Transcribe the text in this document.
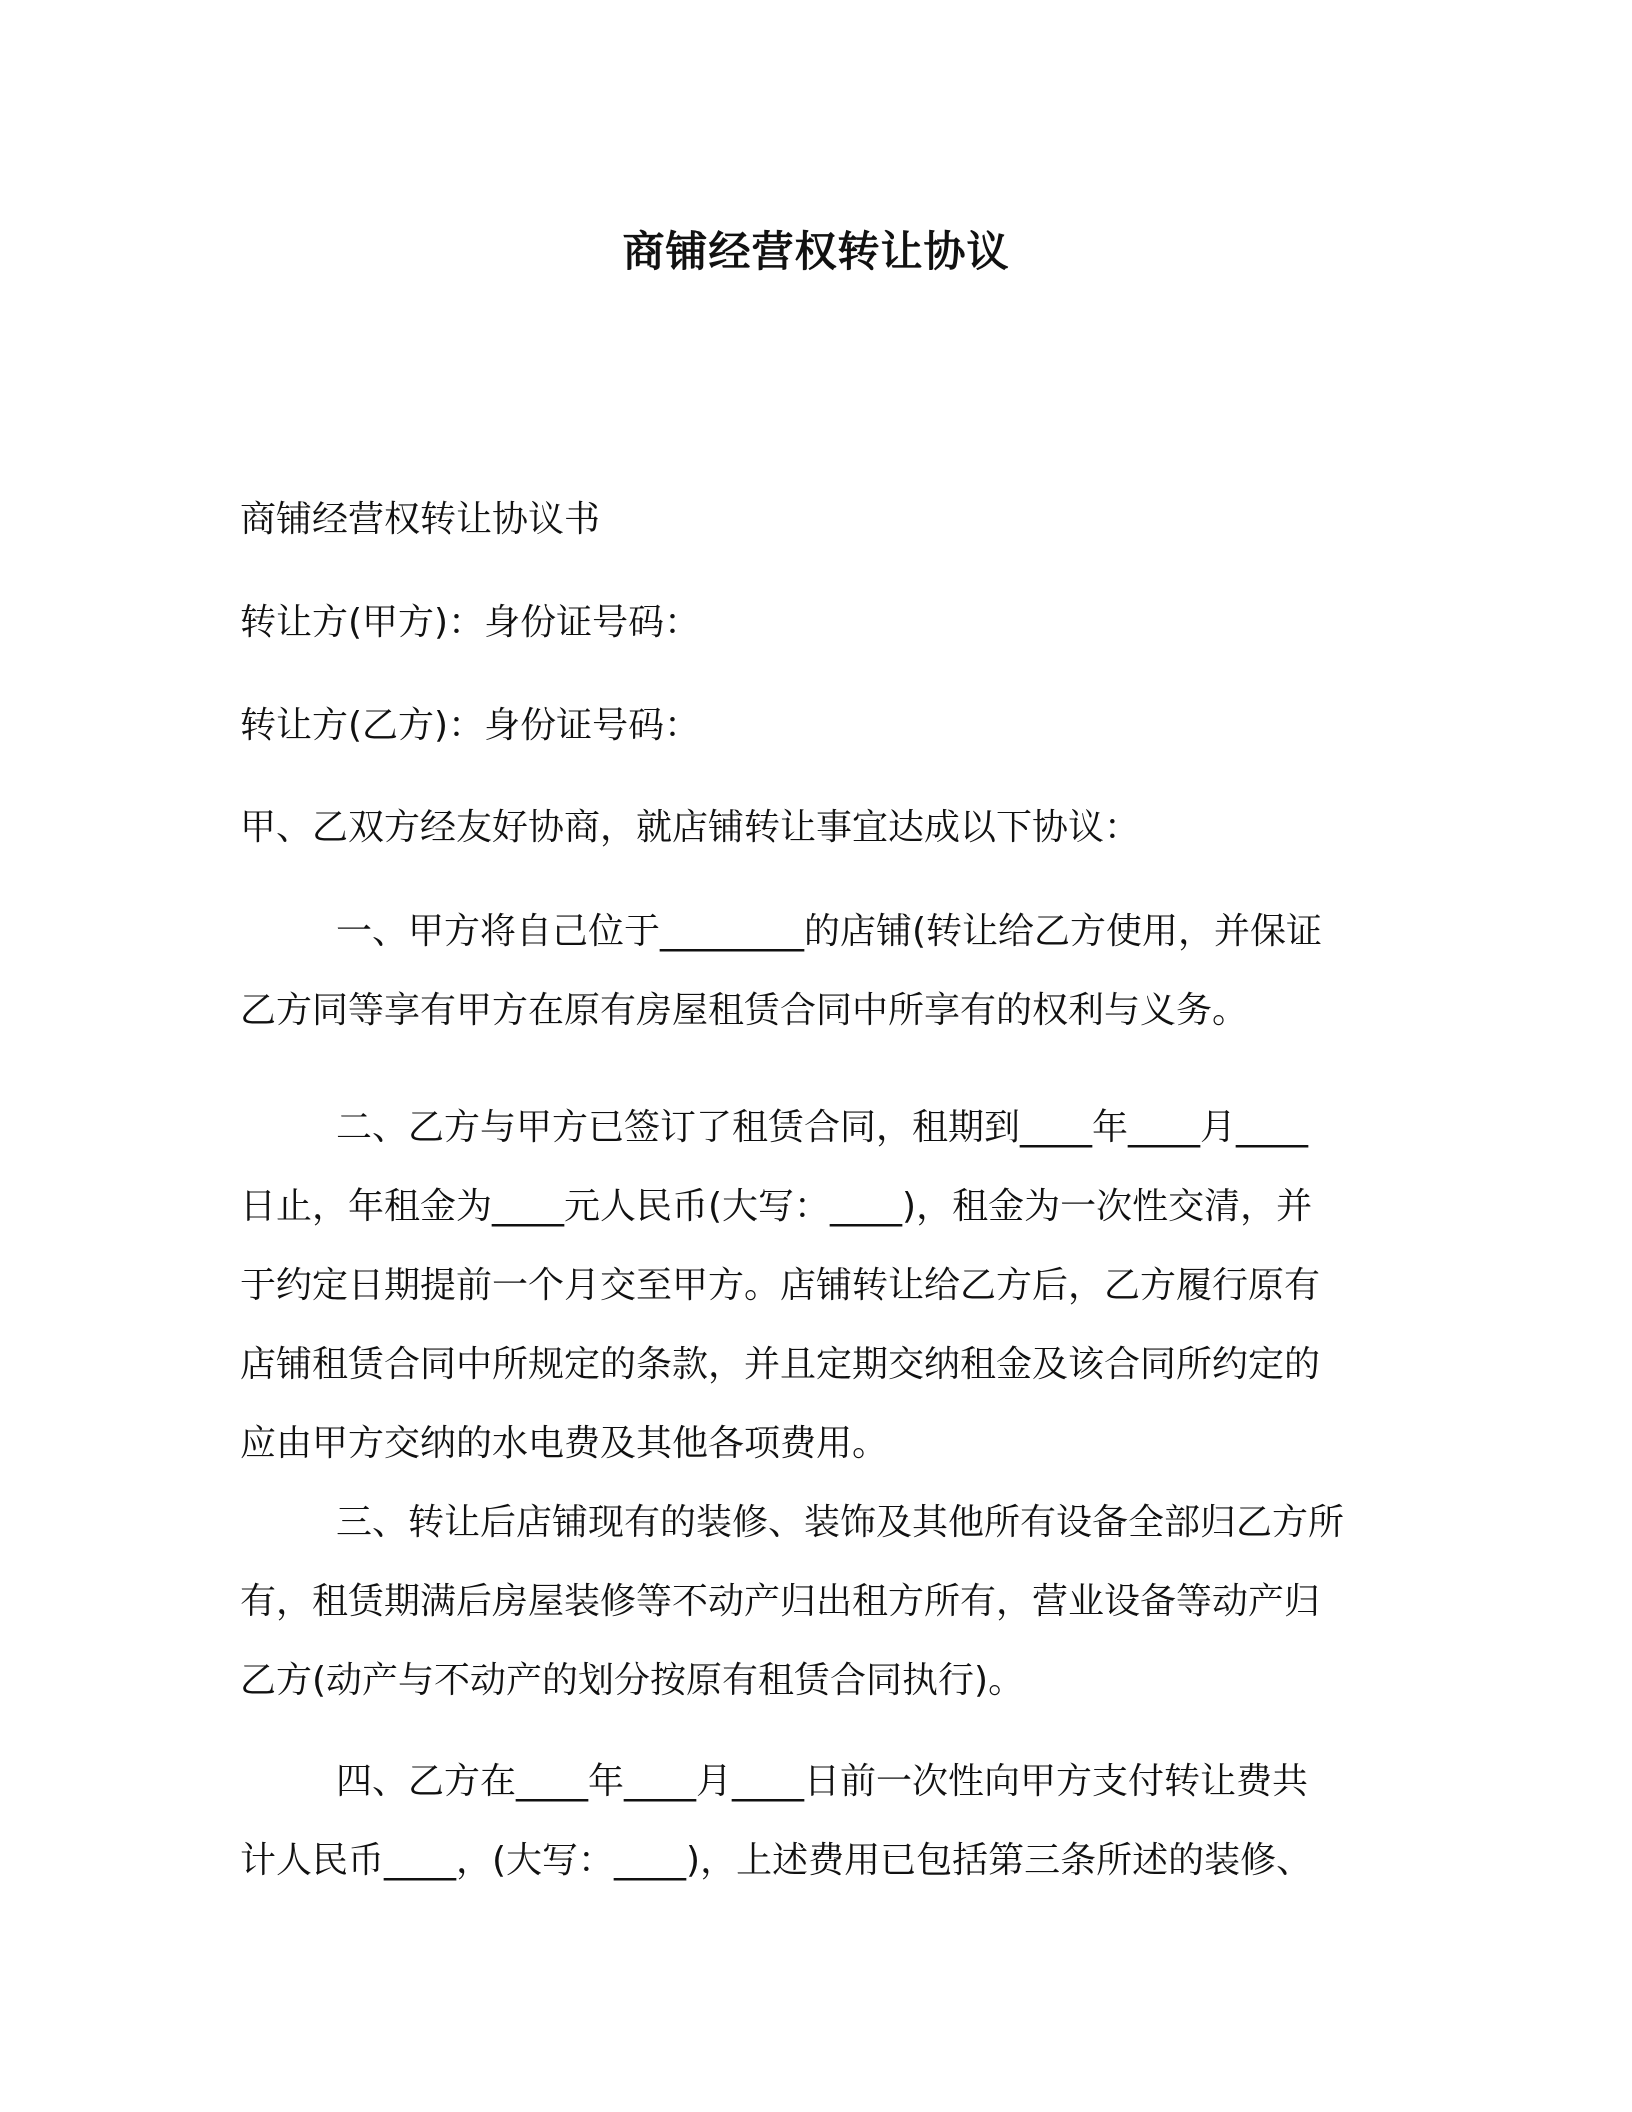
商铺经营权转让协议

商铺经营权转让协议书

转让方(甲方)：身份证号码：

转让方(乙方)：身份证号码：

甲、乙双方经友好协商，就店铺转让事宜达成以下协议：

一、甲方将自己位于________的店铺(转让给乙方使用，并保证
乙方同等享有甲方在原有房屋租赁合同中所享有的权利与义务。
二、乙方与甲方已签订了租赁合同，租期到____年____月____
日止，年租金为____元人民币(大写：____)，租金为一次性交清，并
于约定日期提前一个月交至甲方。店铺转让给乙方后，乙方履行原有
店铺租赁合同中所规定的条款，并且定期交纳租金及该合同所约定的
应由甲方交纳的水电费及其他各项费用。
三、转让后店铺现有的装修、装饰及其他所有设备全部归乙方所
有，租赁期满后房屋装修等不动产归出租方所有，营业设备等动产归
乙方(动产与不动产的划分按原有租赁合同执行)。
四、乙方在____年____月____日前一次性向甲方支付转让费共
计人民币____，(大写：____)，上述费用已包括第三条所述的装修、
